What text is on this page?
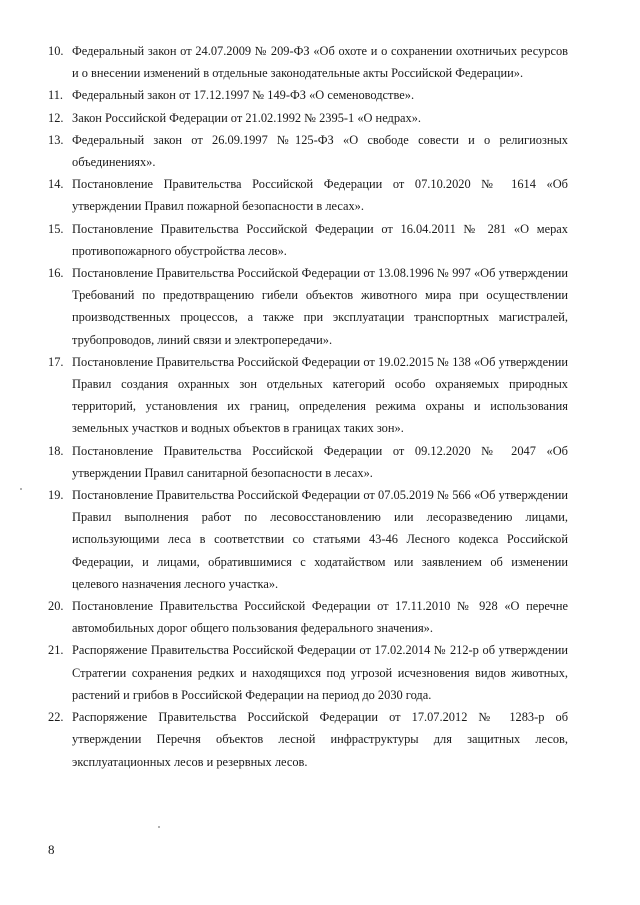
10. Федеральный закон от 24.07.2009 № 209-ФЗ «Об охоте и о сохранении охотничьих ресурсов и о внесении изменений в отдельные законодательные акты Российской Федерации».
11. Федеральный закон от 17.12.1997 № 149-ФЗ «О семеноводстве».
12. Закон Российской Федерации от 21.02.1992 № 2395-1 «О недрах».
13. Федеральный закон от 26.09.1997 №125-ФЗ «О свободе совести и о религиозных объединениях».
14. Постановление Правительства Российской Федерации от 07.10.2020 № 1614 «Об утверждении Правил пожарной безопасности в лесах».
15. Постановление Правительства Российской Федерации от 16.04.2011 № 281 «О мерах противопожарного обустройства лесов».
16. Постановление Правительства Российской Федерации от 13.08.1996 № 997 «Об утверждении Требований по предотвращению гибели объектов животного мира при осуществлении производственных процессов, а также при эксплуатации транспортных магистралей, трубопроводов, линий связи и электропередачи».
17. Постановление Правительства Российской Федерации от 19.02.2015 № 138 «Об утверждении Правил создания охранных зон отдельных категорий особо охраняемых природных территорий, установления их границ, определения режима охраны и использования земельных участков и водных объектов в границах таких зон».
18. Постановление Правительства Российской Федерации от 09.12.2020 № 2047 «Об утверждении Правил санитарной безопасности в лесах».
19. Постановление Правительства Российской Федерации от 07.05.2019 № 566 «Об утверждении Правил выполнения работ по лесовосстановлению или лесоразведению лицами, использующими леса в соответствии со статьями 43-46 Лесного кодекса Российской Федерации, и лицами, обратившимися с ходатайством или заявлением об изменении целевого назначения лесного участка».
20. Постановление Правительства Российской Федерации от 17.11.2010 № 928 «О перечне автомобильных дорог общего пользования федерального значения».
21. Распоряжение Правительства Российской Федерации от 17.02.2014 № 212-р об утверждении Стратегии сохранения редких и находящихся под угрозой исчезновения видов животных, растений и грибов в Российской Федерации на период до 2030 года.
22. Распоряжение Правительства Российской Федерации от 17.07.2012 № 1283-р об утверждении Перечня объектов лесной инфраструктуры для защитных лесов, эксплуатационных лесов и резервных лесов.
8
